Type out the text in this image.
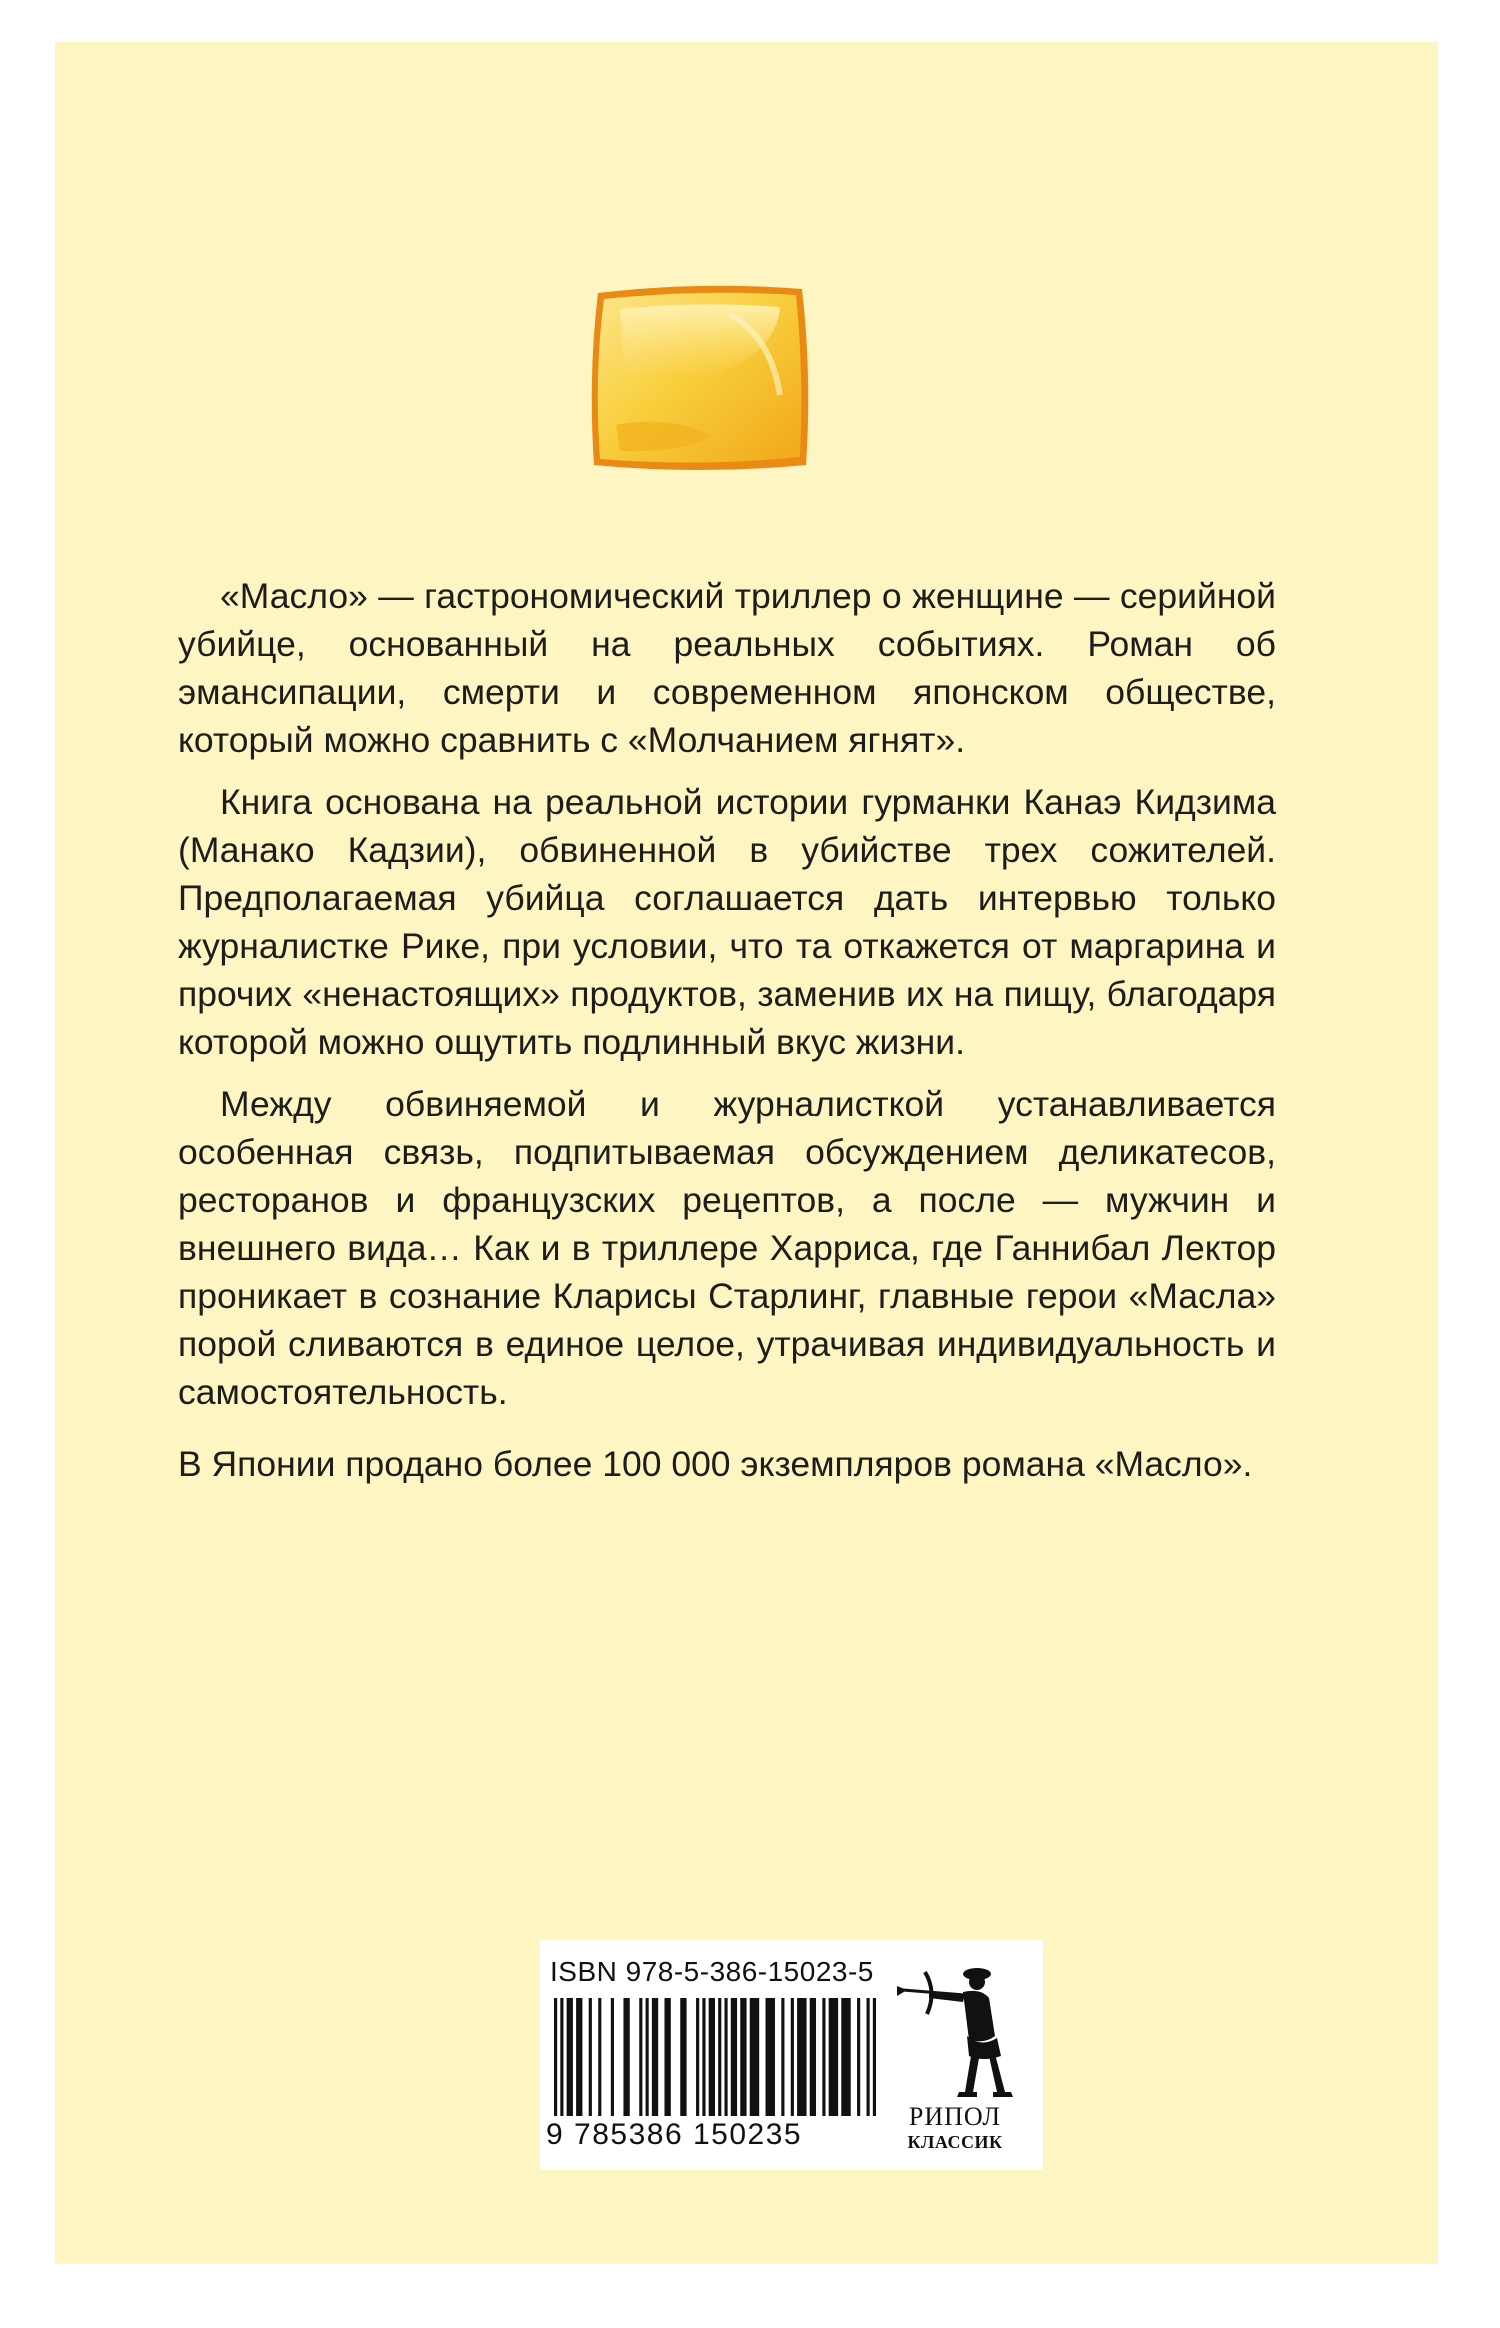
«Масло» — гастрономический триллер о женщине — серийной убийце, основанный на реальных событиях. Роман об эмансипации, смерти и современном японском обществе, который можно сравнить с «Молчанием ягнят».

Книга основана на реальной истории гурманки Канаэ Кидзима (Манако Кадзии), обвиненной в убийстве трех сожителей. Предполагаемая убийца соглашается дать интервью только журналистке Рике, при условии, что та откажется от маргарина и прочих «ненастоящих» продуктов, заменив их на пищу, благодаря которой можно ощутить подлинный вкус жизни.

Между обвиняемой и журналисткой устанавливается особенная связь, подпитываемая обсуждением деликатесов, ресторанов и французских рецептов, а после — мужчин и внешнего вида… Как и в триллере Харриса, где Ганнибал Лектор проникает в сознание Клариcы Старлинг, главные герои «Масла» порой сливаются в единое целое, утрачивая индивидуальность и самостоятельность.

В Японии продано более 100 000 экземпляров романа «Масло».

ISBN 978-5-386-15023-5
9 785386 150235
РИПОЛ
КЛАССИК
